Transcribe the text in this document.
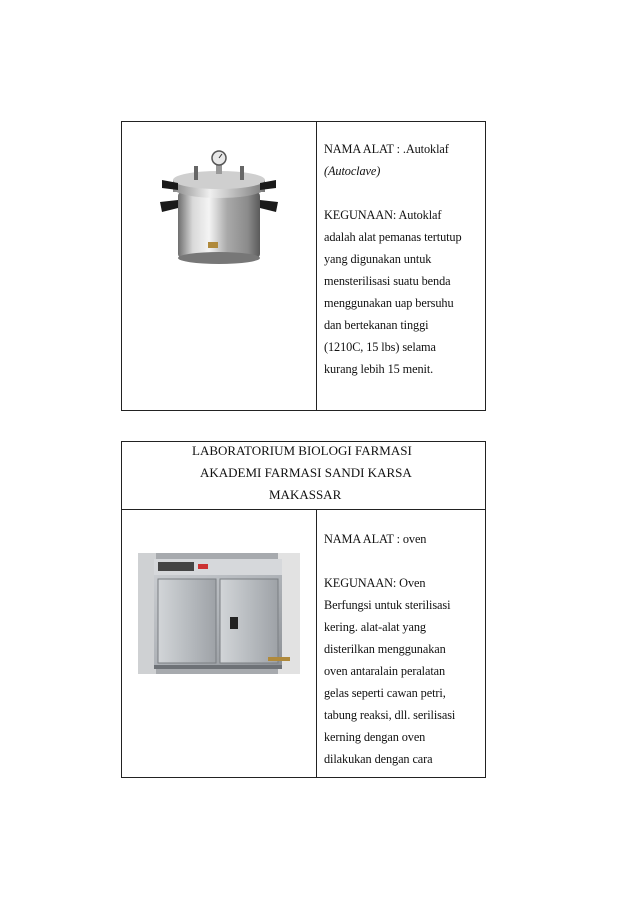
NAMA ALAT : .Autoklaf

(Autoclave)

KEGUNAAN: Autoklaf

adalah alat pemanas tertutup

yang digunakan untuk

mensterilisasi suatu benda

menggunakan uap bersuhu

dan bertekanan tinggi

(1210C, 15 lbs) selama

kurang lebih 15 menit.

LABORATORIUM BIOLOGI FARMASI

AKADEMI FARMASI SANDI KARSA

MAKASSAR

NAMA ALAT : oven

KEGUNAAN: Oven

Berfungsi untuk sterilisasi

kering. alat-alat yang

disterilkan menggunakan

oven antaralain peralatan

gelas seperti cawan petri,

tabung reaksi, dll. serilisasi

kerning dengan oven

dilakukan dengan cara
